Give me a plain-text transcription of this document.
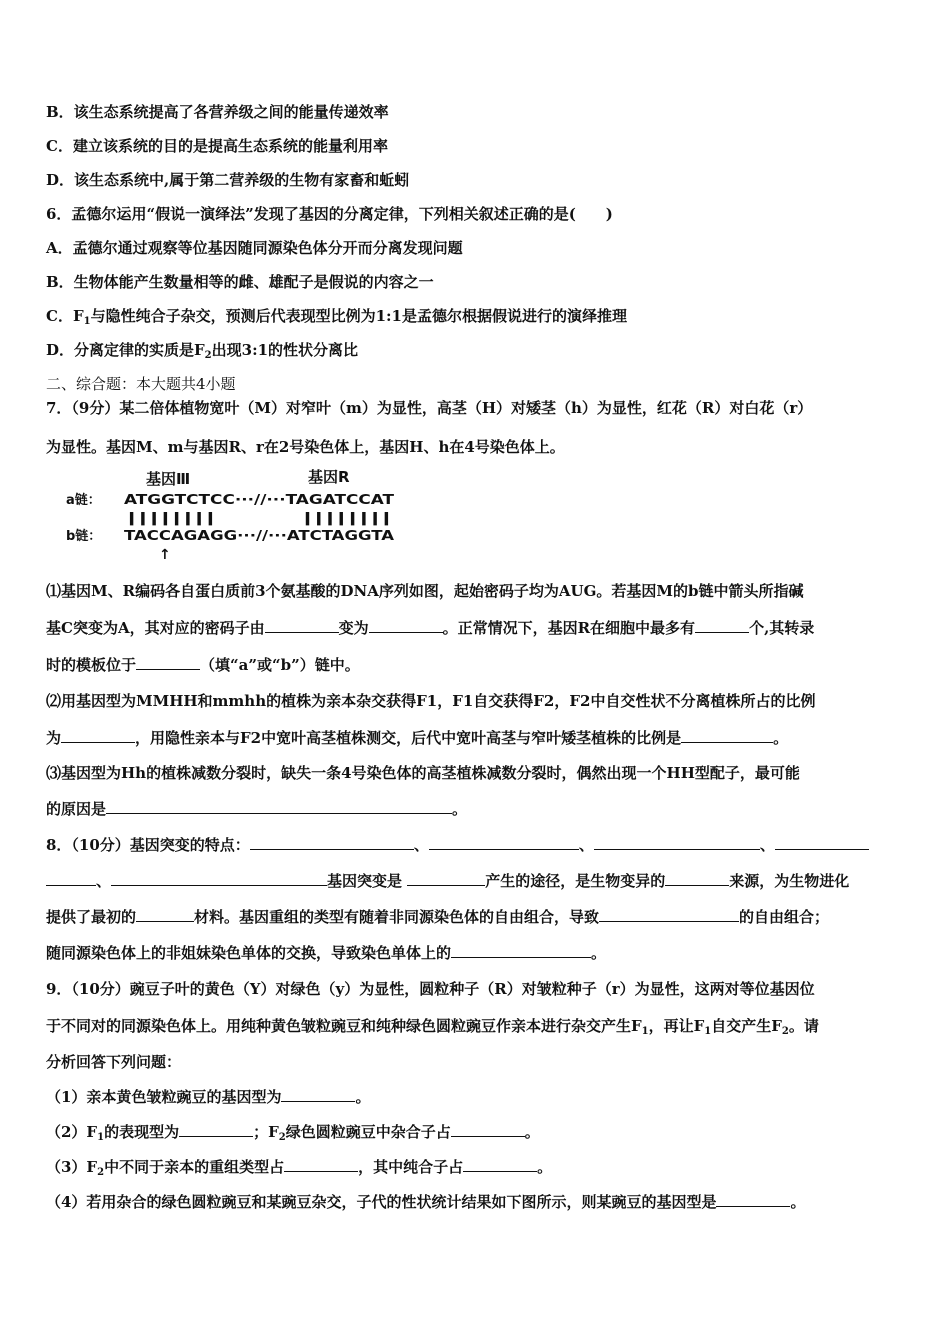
B．该生态系统提高了各营养级之间的能量传递效率
C．建立该系统的目的是提高生态系统的能量利用率
D．该生态系统中,属于第二营养级的生物有家畜和蚯蚓
6．孟德尔运用“假说一演绎法”发现了基因的分离定律，下列相关叙述正确的是(　　)
A．孟德尔通过观察等位基因随同源染色体分开而分离发现问题
B．生物体能产生数量相等的雌、雄配子是假说的内容之一
C．$F_1$与隐性纯合子杂交，预测后代表现型比例为1:1是孟德尔根据假说进行的演绎推理
D．分离定律的实质是$F_2$出现3:1的性状分离比
二、综合题：本大题共4小题
7．（9分）某二倍体植物宽叶（M）对窄叶（m）为显性，高茎（H）对矮茎（h）为显性，红花（R）对白花（r）
为显性。基因M、m与基因R、r在2号染色体上，基因H、h在4号染色体上。
基因Ⅲ	基因R
a链： ATGGTCTCC···//···TAGATCCAT
||||||||        ||||||||
b链： TACCAGAGG···//···ATCTAGGTA
↑
⑴基因M、R编码各自蛋白质前3个氨基酸的DNA序列如图，起始密码子均为AUG。若基因M的b链中箭头所指碱
基C突变为A，其对应的密码子由	变为	。正常情况下，基因R在细胞中最多有	个,其转录
时的模板位于	（填“a”或“b”）链中。
⑵用基因型为MMHH和mmhh的植株为亲本杂交获得F1，F1自交获得F2，F2中自交性状不分离植株所占的比例
为	，用隐性亲本与F2中宽叶高茎植株测交，后代中宽叶高茎与窄叶矮茎植株的比例是	。
⑶基因型为Hh的植株减数分裂时，缺失一条4号染色体的高茎植株减数分裂时，偶然出现一个HH型配子，最可能
的原因是	。
8．（10分）基因突变的特点：	、	、	、
、	基因突变是	产生的途径，是生物变异的	来源，为生物进化
提供了最初的	材料。基因重组的类型有随着非同源染色体的自由组合，导致	的自由组合；
随同源染色体上的非姐妹染色单体的交换，导致染色单体上的	。
9．（10分）豌豆子叶的黄色（Y）对绿色（y）为显性，圆粒种子（R）对皱粒种子（r）为显性，这两对等位基因位
于不同对的同源染色体上。用纯种黄色皱粒豌豆和纯种绿色圆粒豌豆作亲本进行杂交产生$F_1$，再让$F_1$自交产生$F_2$。请
分析回答下列问题：
（1）亲本黄色皱粒豌豆的基因型为	。
$(2)F_1$的表现型为	；$F_2$绿色圆粒豌豆中杂合子占	。
$(3)F_2$中不同于亲本的重组类型占	，其中纯合子占	。
（4）若用杂合的绿色圆粒豌豆和某豌豆杂交，子代的性状统计结果如下图所示，则某豌豆的基因型是	。
